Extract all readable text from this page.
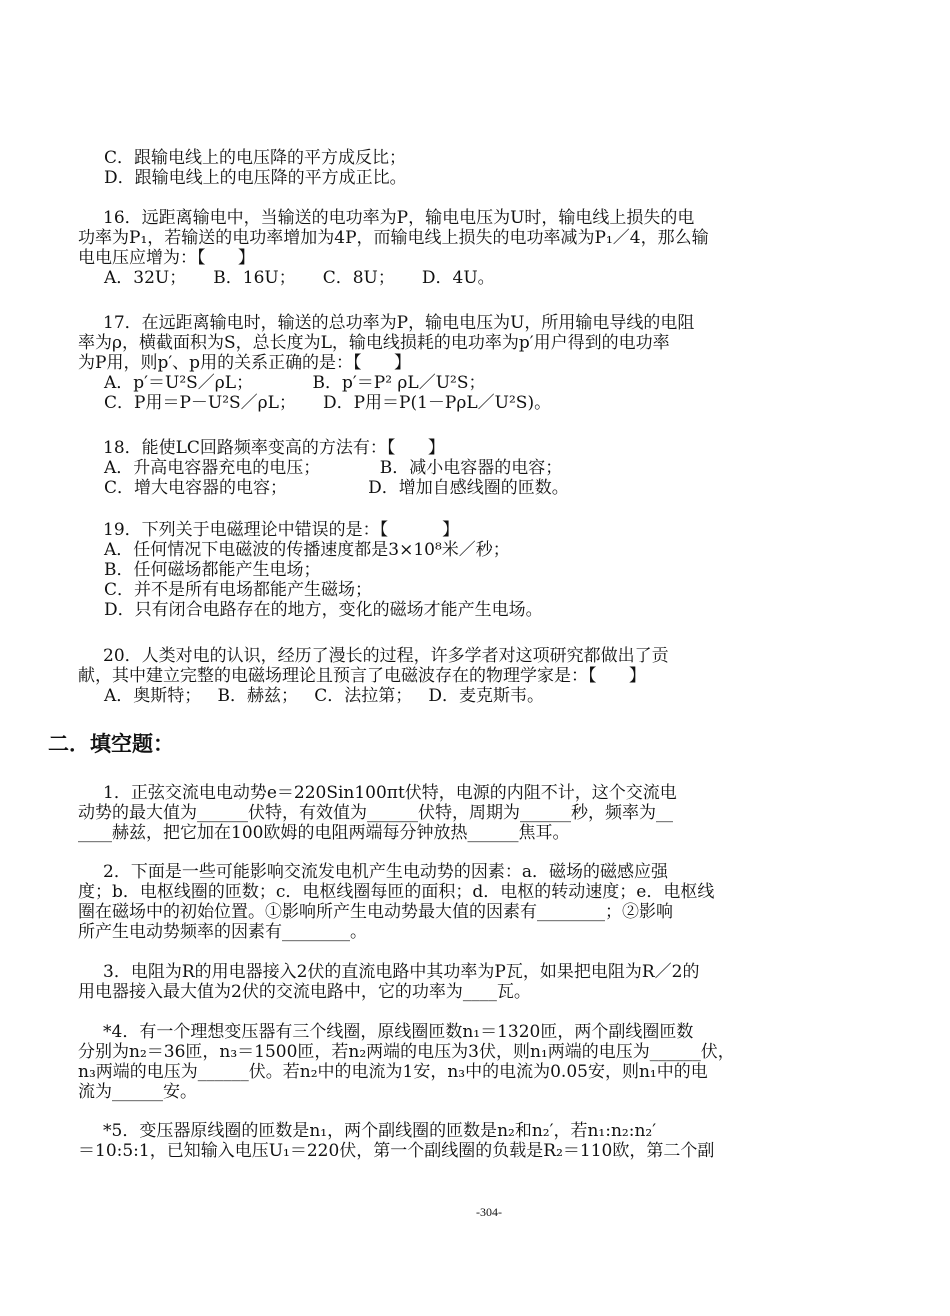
C．跟输电线上的电压降的平方成反比；
D．跟输电线上的电压降的平方成正比。
16．远距离输电中，当输送的电功率为P，输电电压为U时，输电线上损失的电
功率为P₁，若输送的电功率增加为4P，而输电线上损失的电功率减为P₁／4，那么输
电电压应增为：【      】
A．32U；     B．16U；     C．8U；     D．4U。
17．在远距离输电时，输送的总功率为P，输电电压为U，所用输电导线的电阻
率为ρ，横截面积为S，总长度为L，输电线损耗的电功率为p′用户得到的电功率
为P用，则p′、p用的关系正确的是：【      】
A．p′＝U²S／ρL；           B．p′＝P² ρL／U²S；
C．P用＝P－U²S／ρL；     D．P用＝P(1－PρL／U²S)。
18．能使LC回路频率变高的方法有：【      】
A．升高电容器充电的电压；           B．减小电容器的电容；
C．增大电容器的电容；               D．增加自感线圈的匝数。
19．下列关于电磁理论中错误的是：【          】
A．任何情况下电磁波的传播速度都是3×10⁸米／秒；
B．任何磁场都能产生电场；
C．并不是所有电场都能产生磁场；
D．只有闭合电路存在的地方，变化的磁场才能产生电场。
20．人类对电的认识，经历了漫长的过程，许多学者对这项研究都做出了贡
献，其中建立完整的电磁场理论且预言了电磁波存在的物理学家是：【      】
A．奥斯特；   B．赫兹；   C．法拉第；   D．麦克斯韦。
二．填空题：
1．正弦交流电电动势e＝220Sin100πt伏特，电源的内阻不计，这个交流电
动势的最大值为______伏特，有效值为______伏特，周期为______秒，频率为__
____赫兹，把它加在100欧姆的电阻两端每分钟放热______焦耳。
2．下面是一些可能影响交流发电机产生电动势的因素：a．磁场的磁感应强
度；b．电枢线圈的匝数；c．电枢线圈每匝的面积；d．电枢的转动速度；e．电枢线
圈在磁场中的初始位置。①影响所产生电动势最大值的因素有________；②影响
所产生电动势频率的因素有________。
3．电阻为R的用电器接入2伏的直流电路中其功率为P瓦，如果把电阻为R／2的
用电器接入最大值为2伏的交流电路中，它的功率为____瓦。
*4．有一个理想变压器有三个线圈，原线圈匝数n₁＝1320匝，两个副线圈匝数
分别为n₂＝36匝，n₃＝1500匝，若n₂两端的电压为3伏，则n₁两端的电压为______伏，
n₃两端的电压为______伏。若n₂中的电流为1安，n₃中的电流为0.05安，则n₁中的电
流为______安。
*5．变压器原线圈的匝数是n₁，两个副线圈的匝数是n₂和n₂′，若n₁:n₂:n₂′
＝10:5:1，已知输入电压U₁＝220伏，第一个副线圈的负载是R₂＝110欧，第二个副
-304-
